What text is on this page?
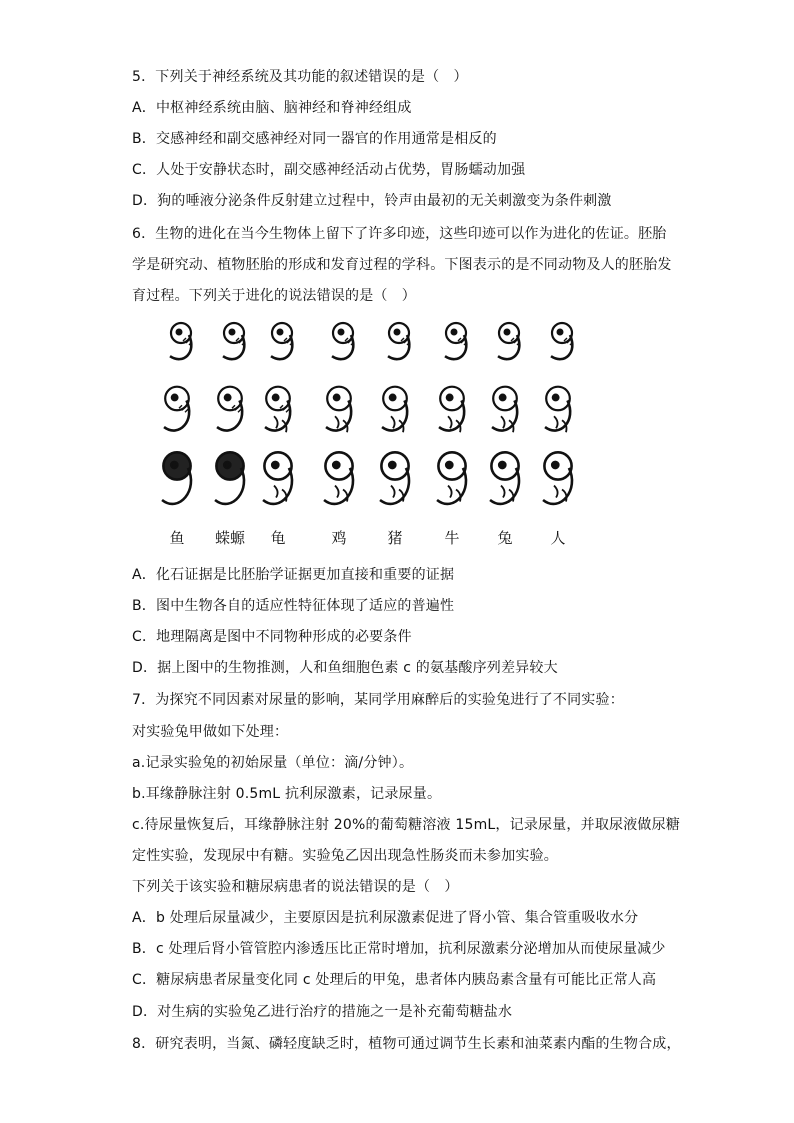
5．下列关于神经系统及其功能的叙述错误的是（　）
A．中枢神经系统由脑、脑神经和脊神经组成
B．交感神经和副交感神经对同一器官的作用通常是相反的
C．人处于安静状态时，副交感神经活动占优势，胃肠蠕动加强
D．狗的唾液分泌条件反射建立过程中，铃声由最初的无关刺激变为条件刺激
6．生物的进化在当今生物体上留下了许多印迹，这些印迹可以作为进化的佐证。胚胎
学是研究动、植物胚胎的形成和发育过程的学科。下图表示的是不同动物及人的胚胎发
育过程。下列关于进化的说法错误的是（　）
鱼 蝾螈 龟	鸡	猪	牛	兔	人
A．化石证据是比胚胎学证据更加直接和重要的证据
B．图中生物各自的适应性特征体现了适应的普遍性
C．地理隔离是图中不同物种形成的必要条件
D．据上图中的生物推测，人和鱼细胞色素 c 的氨基酸序列差异较大
7．为探究不同因素对尿量的影响，某同学用麻醉后的实验兔进行了不同实验：
对实验兔甲做如下处理：
a.记录实验兔的初始尿量（单位：滴/分钟）。
b.耳缘静脉注射 0.5mL 抗利尿激素，记录尿量。
c.待尿量恢复后，耳缘静脉注射 20%的葡萄糖溶液 15mL，记录尿量，并取尿液做尿糖
定性实验，发现尿中有糖。实验兔乙因出现急性肠炎而未参加实验。
下列关于该实验和糖尿病患者的说法错误的是（　）
A．b 处理后尿量减少，主要原因是抗利尿激素促进了肾小管、集合管重吸收水分
B．c 处理后肾小管管腔内渗透压比正常时增加，抗利尿激素分泌增加从而使尿量减少
C．糖尿病患者尿量变化同 c 处理后的甲兔，患者体内胰岛素含量有可能比正常人高
D．对生病的实验兔乙进行治疗的措施之一是补充葡萄糖盐水
8．研究表明，当氮、磷轻度缺乏时，植物可通过调节生长素和油菜素内酯的生物合成，
